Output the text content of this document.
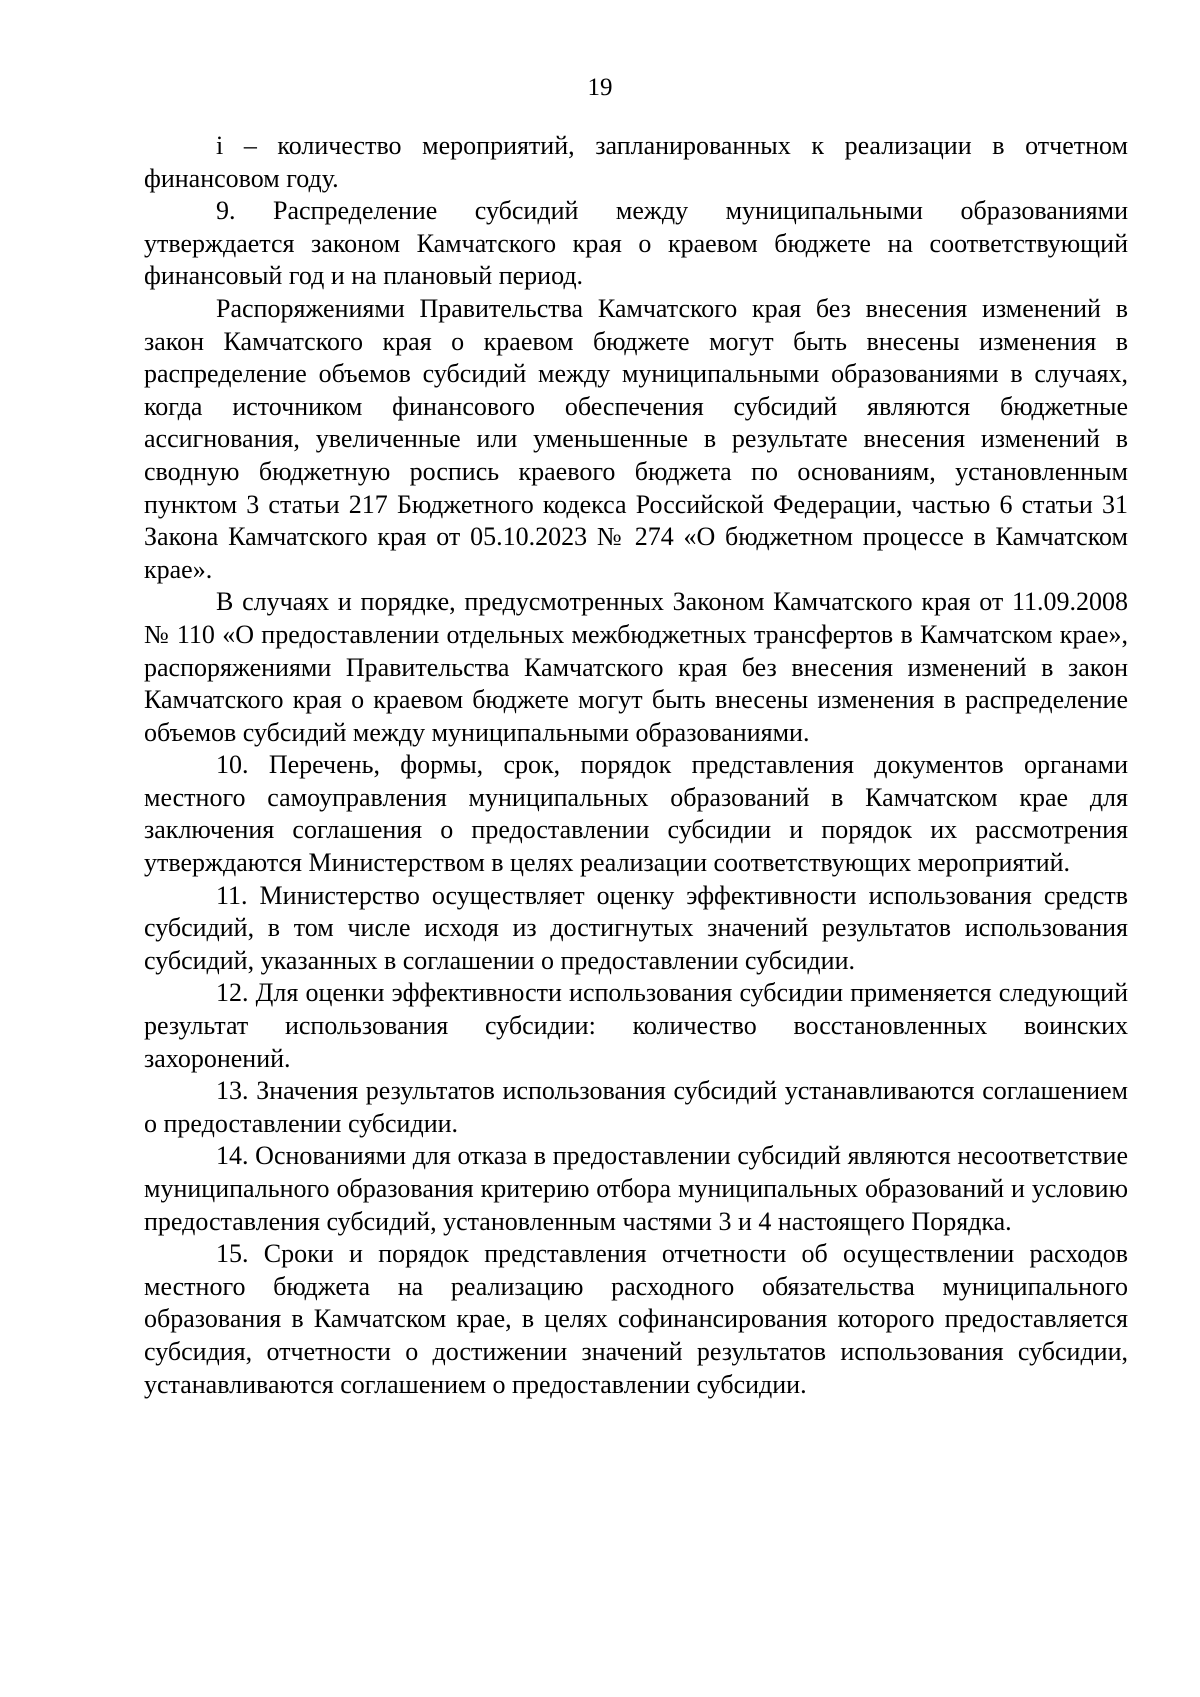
19

i – количество мероприятий, запланированных к реализации в отчетном финансовом году.

9. Распределение субсидий между муниципальными образованиями утверждается законом Камчатского края о краевом бюджете на соответствующий финансовый год и на плановый период.

Распоряжениями Правительства Камчатского края без внесения изменений в закон Камчатского края о краевом бюджете могут быть внесены изменения в распределение объемов субсидий между муниципальными образованиями в случаях, когда источником финансового обеспечения субсидий являются бюджетные ассигнования, увеличенные или уменьшенные в результате внесения изменений в сводную бюджетную роспись краевого бюджета по основаниям, установленным пунктом 3 статьи 217 Бюджетного кодекса Российской Федерации, частью 6 статьи 31 Закона Камчатского края от 05.10.2023 № 274 «О бюджетном процессе в Камчатском крае».

В случаях и порядке, предусмотренных Законом Камчатского края от 11.09.2008 № 110 «О предоставлении отдельных межбюджетных трансфертов в Камчатском крае», распоряжениями Правительства Камчатского края без внесения изменений в закон Камчатского края о краевом бюджете могут быть внесены изменения в распределение объемов субсидий между муниципальными образованиями.

10. Перечень, формы, срок, порядок представления документов органами местного самоуправления муниципальных образований в Камчатском крае для заключения соглашения о предоставлении субсидии и порядок их рассмотрения утверждаются Министерством в целях реализации соответствующих мероприятий.

11. Министерство осуществляет оценку эффективности использования средств субсидий, в том числе исходя из достигнутых значений результатов использования субсидий, указанных в соглашении о предоставлении субсидии.

12. Для оценки эффективности использования субсидии применяется следующий результат использования субсидии: количество восстановленных воинских захоронений.

13. Значения результатов использования субсидий устанавливаются соглашением о предоставлении субсидии.

14. Основаниями для отказа в предоставлении субсидий являются несоответствие муниципального образования критерию отбора муниципальных образований и условию предоставления субсидий, установленным частями 3 и 4 настоящего Порядка.

15. Сроки и порядок представления отчетности об осуществлении расходов местного бюджета на реализацию расходного обязательства муниципального образования в Камчатском крае, в целях софинансирования которого предоставляется субсидия, отчетности о достижении значений результатов использования субсидии, устанавливаются соглашением о предоставлении субсидии.
